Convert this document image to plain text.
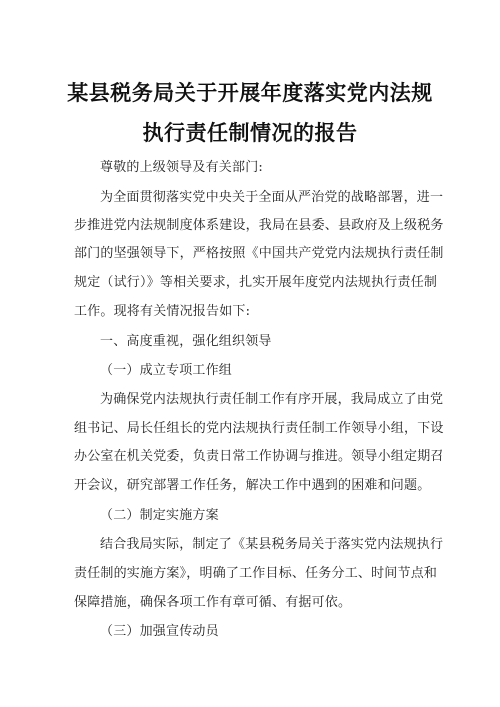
某县税务局关于开展年度落实党内法规
执行责任制情况的报告
尊敬的上级领导及有关部门:
为全面贯彻落实党中央关于全面从严治党的战略部署，进一
步推进党内法规制度体系建设，我局在县委、县政府及上级税务
部门的坚强领导下，严格按照《中国共产党党内法规执行责任制
规定（试行）》等相关要求，扎实开展年度党内法规执行责任制
工作。现将有关情况报告如下:
一、高度重视，强化组织领导
（一）成立专项工作组
为确保党内法规执行责任制工作有序开展，我局成立了由党
组书记、局长任组长的党内法规执行责任制工作领导小组，下设
办公室在机关党委，负责日常工作协调与推进。领导小组定期召
开会议，研究部署工作任务，解决工作中遇到的困难和问题。
（二）制定实施方案
结合我局实际，制定了《某县税务局关于落实党内法规执行
责任制的实施方案》，明确了工作目标、任务分工、时间节点和
保障措施，确保各项工作有章可循、有据可依。
（三）加强宣传动员
